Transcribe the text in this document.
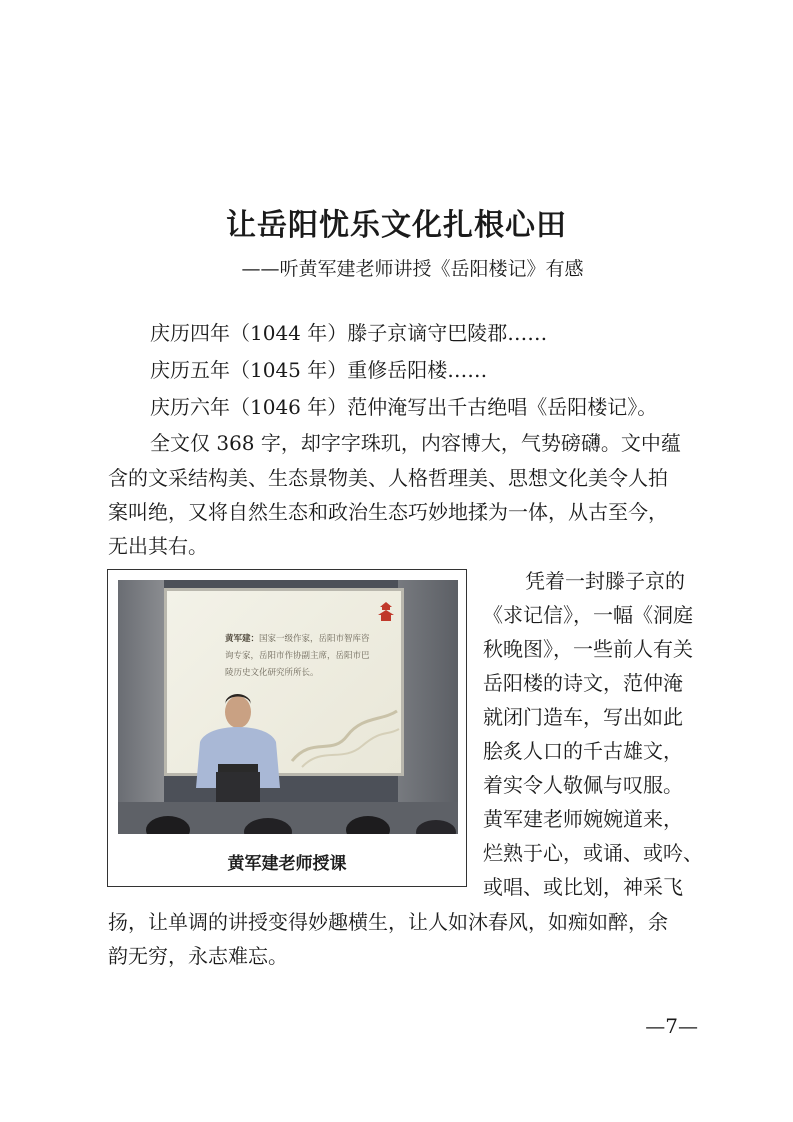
让岳阳忧乐文化扎根心田
——听黄军建老师讲授《岳阳楼记》有感
庆历四年（1044 年）滕子京谪守巴陵郡……
庆历五年（1045 年）重修岳阳楼……
庆历六年（1046 年）范仲淹写出千古绝唱《岳阳楼记》。
全文仅 368 字，却字字珠玑，内容博大，气势磅礴。文中蕴
含的文采结构美、生态景物美、人格哲理美、思想文化美令人拍
案叫绝，又将自然生态和政治生态巧妙地揉为一体，从古至今，
无出其右。
凭着一封滕子京的
《求记信》，一幅《洞庭
秋晚图》，一些前人有关
岳阳楼的诗文，范仲淹
就闭门造车，写出如此
脍炙人口的千古雄文，
着实令人敬佩与叹服。
黄军建老师婉婉道来，
烂熟于心，或诵、或吟、
或唱、或比划，神采飞
扬，让单调的讲授变得妙趣横生，让人如沐春风，如痴如醉，余
韵无穷，永志难忘。
黄军建：国家一级作家，岳阳市智库咨询专家，岳阳市作协副主席，岳阳市巴陵历史文化研究所所长。
黄军建老师授课
—7—
